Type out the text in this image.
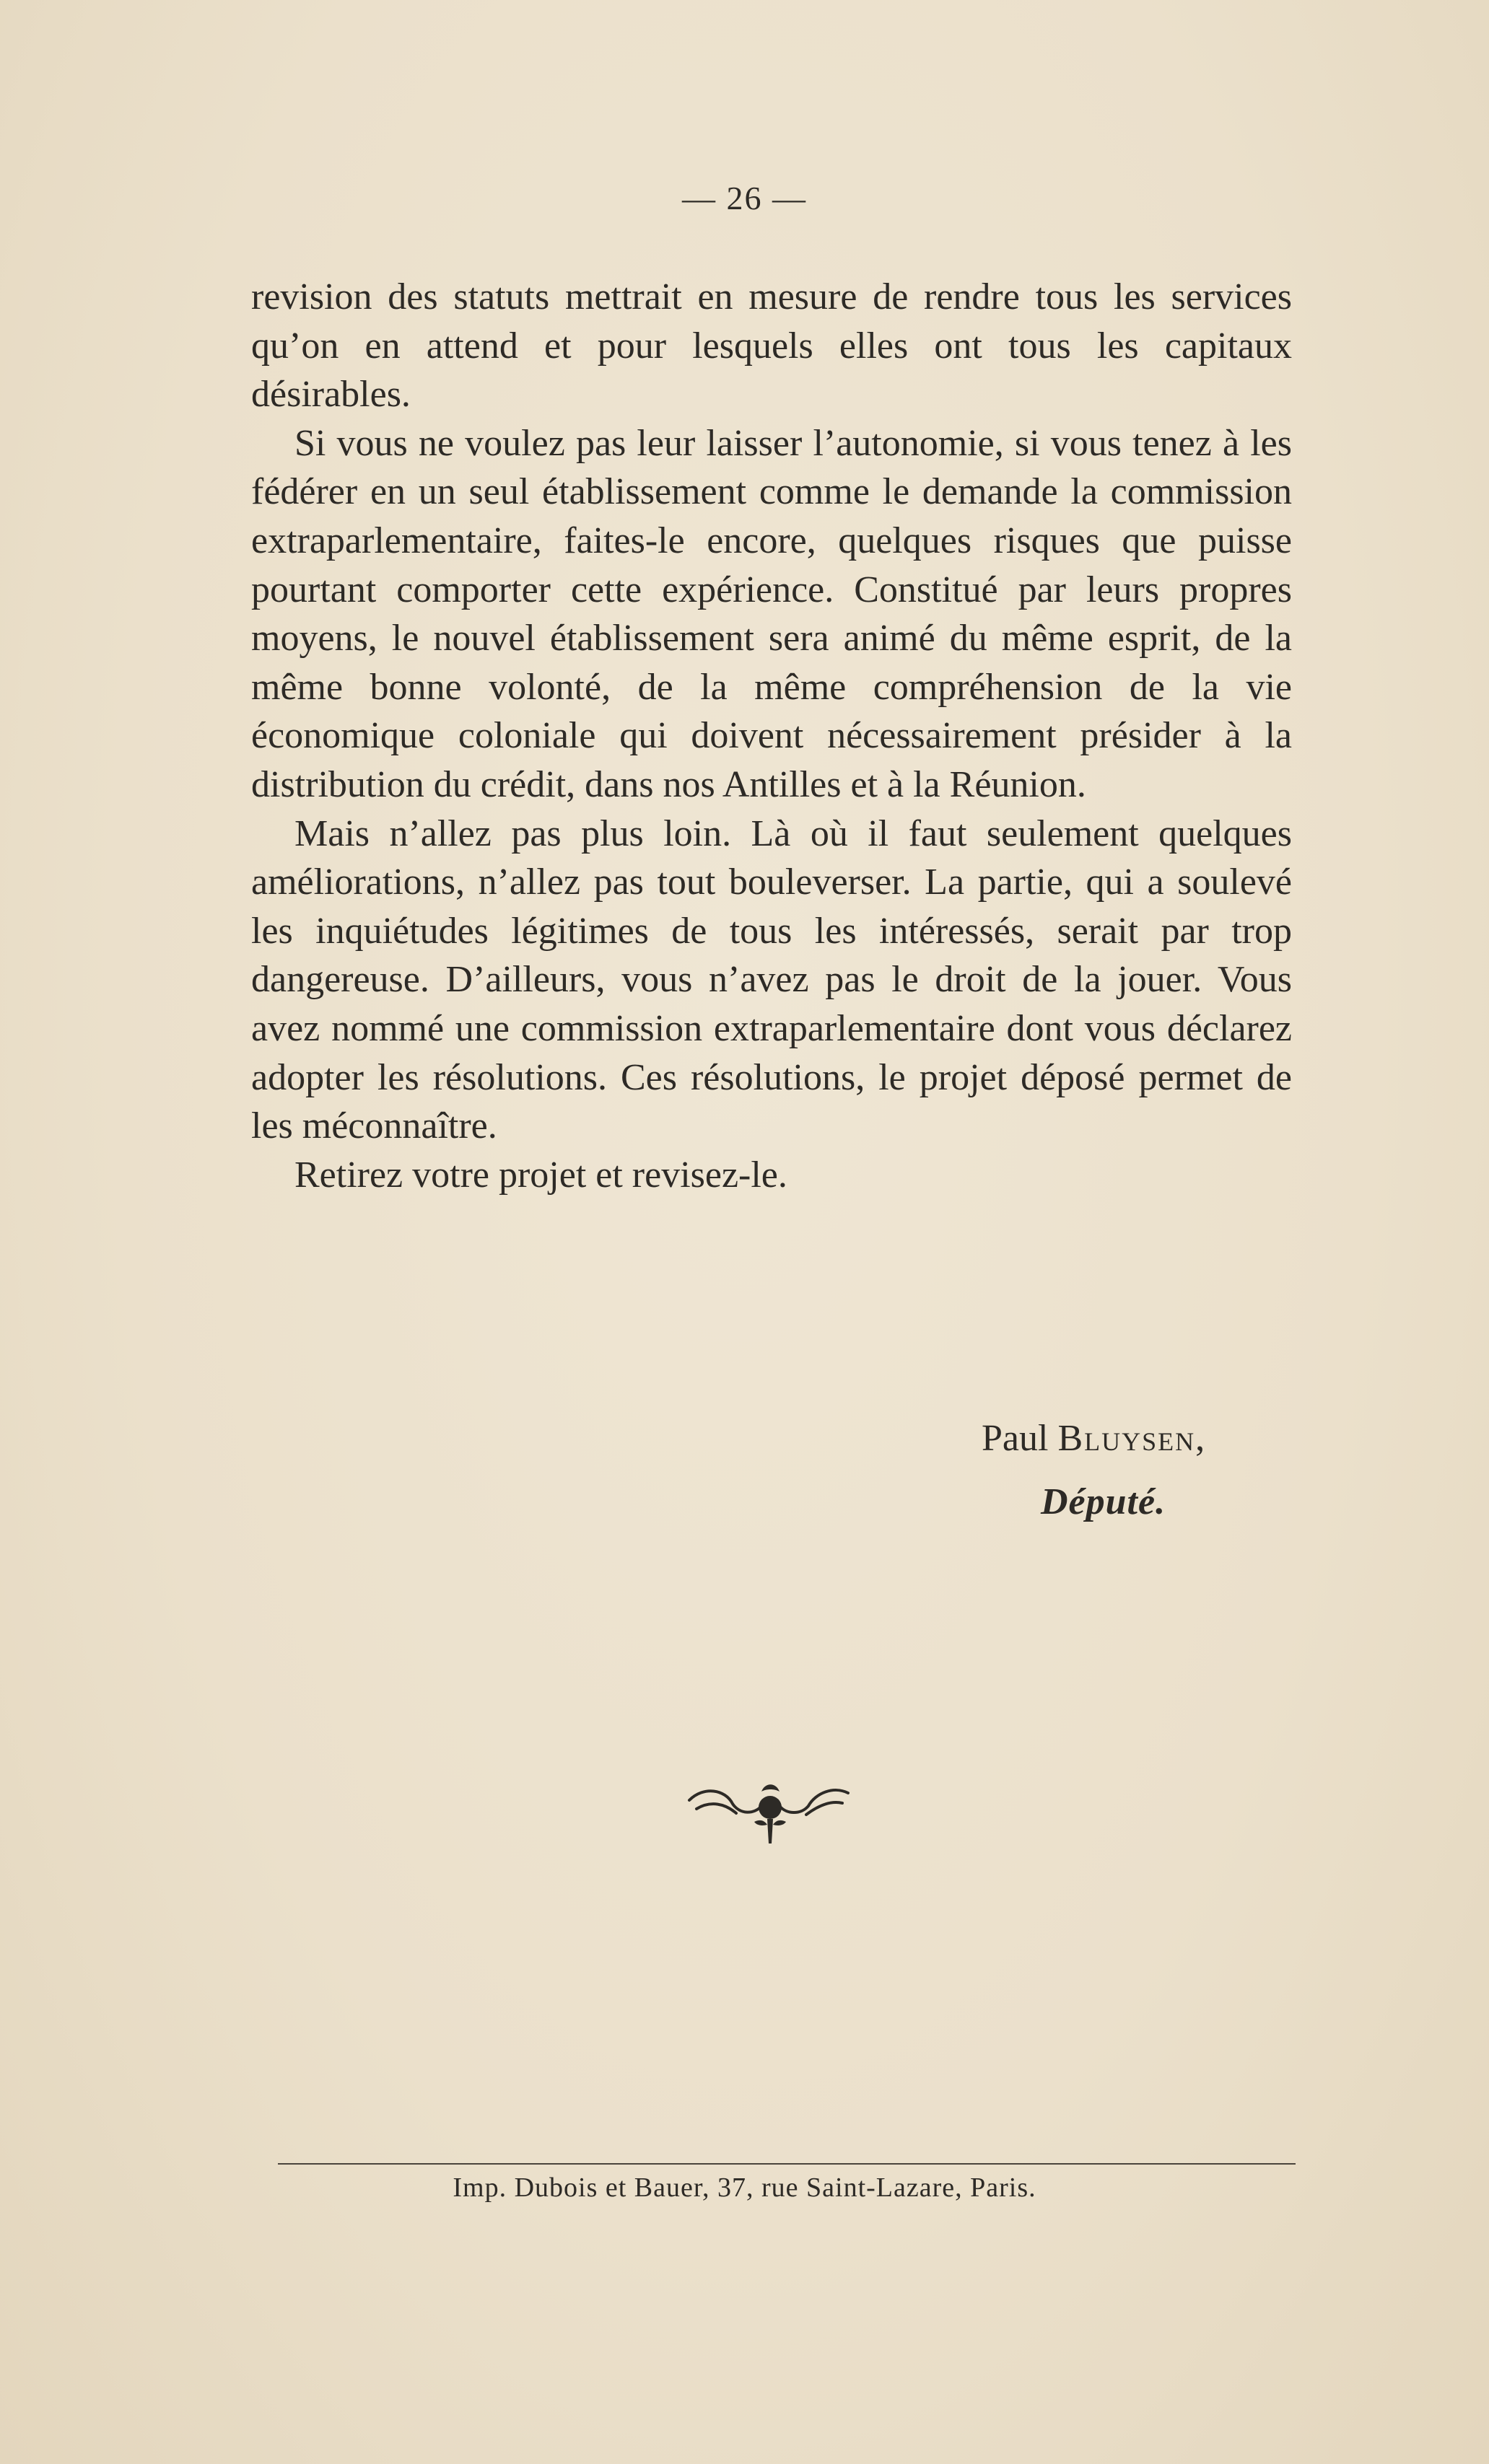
— 26 —

revision des statuts mettrait en mesure de rendre tous les services qu’on en attend et pour lesquels elles ont tous les capitaux désirables.

Si vous ne voulez pas leur laisser l’autonomie, si vous tenez à les fédérer en un seul établissement comme le demande la commission extraparlementaire, faites-le encore, quelques risques que puisse pourtant comporter cette expérience. Constitué par leurs propres moyens, le nouvel établissement sera animé du même esprit, de la même bonne volonté, de la même compréhension de la vie économique coloniale qui doivent nécessairement présider à la distribution du crédit, dans nos Antilles et à la Réunion.

Mais n’allez pas plus loin. Là où il faut seulement quelques améliorations, n’allez pas tout bouleverser. La partie, qui a soulevé les inquiétudes légitimes de tous les intéressés, serait par trop dangereuse. D’ailleurs, vous n’avez pas le droit de la jouer. Vous avez nommé une commission extraparlementaire dont vous déclarez adopter les résolutions. Ces résolutions, le projet déposé permet de les méconnaître.

Retirez votre projet et revisez-le.

Paul Bluysen,
Député.
Imp. Dubois et Bauer, 37, rue Saint-Lazare, Paris.
